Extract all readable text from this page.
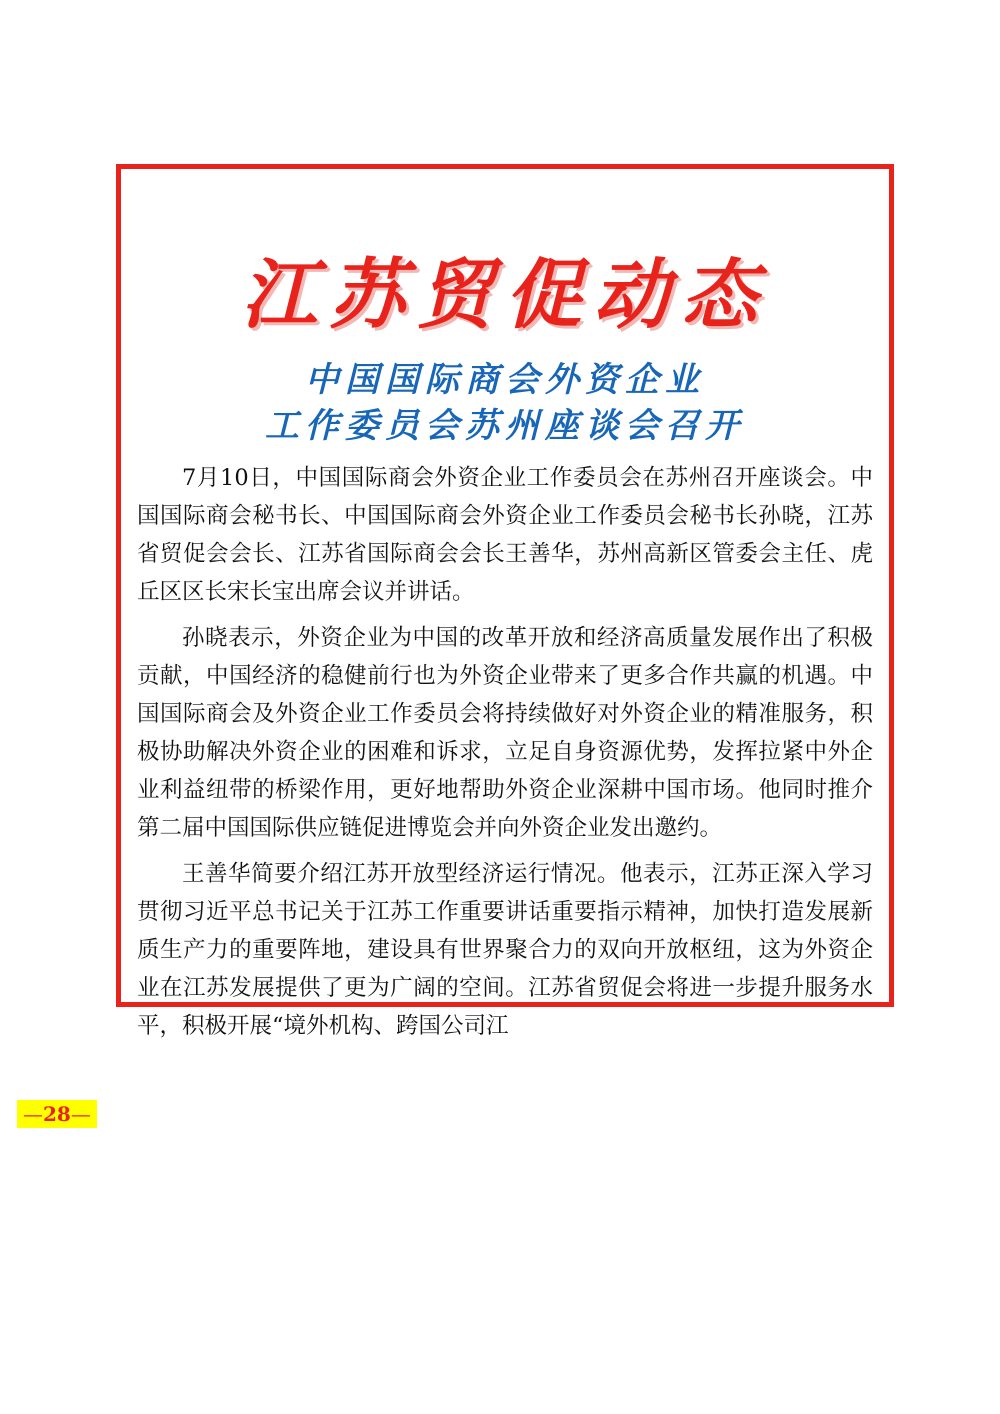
江苏贸促动态
中国国际商会外资企业
工作委员会苏州座谈会召开

7月10日，中国国际商会外资企业工作委员会在苏州召开座谈会。中国国际商会秘书长、中国国际商会外资企业工作委员会秘书长孙晓，江苏省贸促会会长、江苏省国际商会会长王善华，苏州高新区管委会主任、虎丘区区长宋长宝出席会议并讲话。

孙晓表示，外资企业为中国的改革开放和经济高质量发展作出了积极贡献，中国经济的稳健前行也为外资企业带来了更多合作共赢的机遇。中国国际商会及外资企业工作委员会将持续做好对外资企业的精准服务，积极协助解决外资企业的困难和诉求，立足自身资源优势，发挥拉紧中外企业利益纽带的桥梁作用，更好地帮助外资企业深耕中国市场。他同时推介第二届中国国际供应链促进博览会并向外资企业发出邀约。

王善华简要介绍江苏开放型经济运行情况。他表示，江苏正深入学习贯彻习近平总书记关于江苏工作重要讲话重要指示精神，加快打造发展新质生产力的重要阵地，建设具有世界聚合力的双向开放枢纽，这为外资企业在江苏发展提供了更为广阔的空间。江苏省贸促会将进一步提升服务水平，积极开展“境外机构、跨国公司江

—28—
